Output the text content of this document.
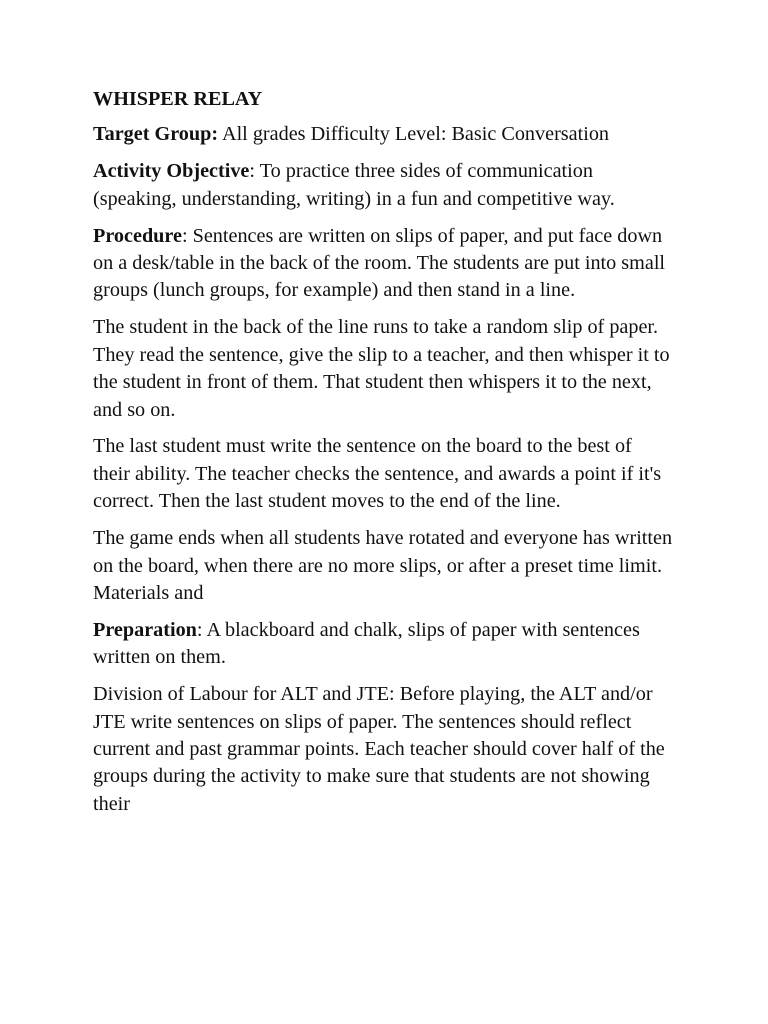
WHISPER RELAY

Target Group: All grades Difficulty Level: Basic Conversation

Activity Objective: To practice three sides of communication (speaking, understanding, writing) in a fun and competitive way.

Procedure: Sentences are written on slips of paper, and put face down on a desk/table in the back of the room. The students are put into small groups (lunch groups, for example) and then stand in a line.

The student in the back of the line runs to take a random slip of paper. They read the sentence, give the slip to a teacher, and then whisper it to the student in front of them. That student then whispers it to the next, and so on.

The last student must write the sentence on the board to the best of their ability. The teacher checks the sentence, and awards a point if it's correct. Then the last student moves to the end of the line.

The game ends when all students have rotated and everyone has written on the board, when there are no more slips, or after a preset time limit. Materials and

Preparation: A blackboard and chalk, slips of paper with sentences written on them.

Division of Labour for ALT and JTE: Before playing, the ALT and/or JTE write sentences on slips of paper. The sentences should reflect current and past grammar points. Each teacher should cover half of the groups during the activity to make sure that students are not showing their
